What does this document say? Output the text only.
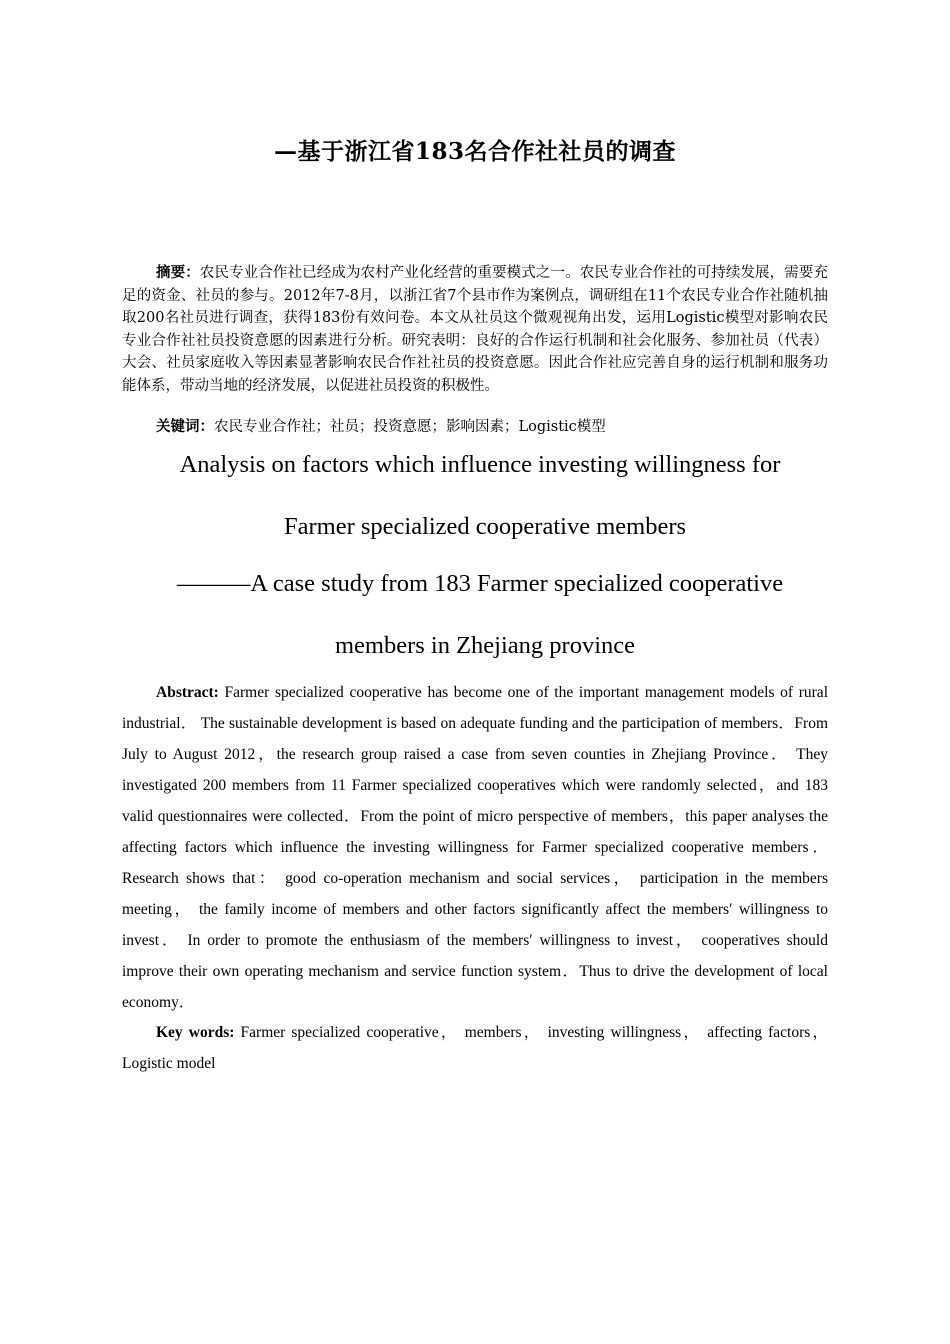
—基于浙江省183名合作社社员的调查

摘要：农民专业合作社已经成为农村产业化经营的重要模式之一。农民专业合作社的可持续发展，需要充足的资金、社员的参与。2012年7-8月，以浙江省7个县市作为案例点，调研组在11个农民专业合作社随机抽取200名社员进行调查，获得183份有效问卷。本文从社员这个微观视角出发，运用Logistic模型对影响农民专业合作社社员投资意愿的因素进行分析。研究表明：良好的合作运行机制和社会化服务、参加社员（代表）大会、社员家庭收入等因素显著影响农民合作社社员的投资意愿。因此合作社应完善自身的运行机制和服务功能体系，带动当地的经济发展，以促进社员投资的积极性。

关键词：农民专业合作社；社员；投资意愿；影响因素；Logistic模型

Analysis on factors which influence investing willingness for

Farmer specialized cooperative members

———A case study from 183 Farmer specialized cooperative

members in Zhejiang province

Abstract: Farmer specialized cooperative has become one of the important management models of rural industrial． The sustainable development is based on adequate funding and the participation of members．From July to August 2012，the research group raised a case from seven counties in Zhejiang Province． They investigated 200 members from 11 Farmer specialized cooperatives which were randomly selected，and 183 valid questionnaires were collected．From the point of micro perspective of members，this paper analyses the affecting factors which influence the investing willingness for Farmer specialized cooperative members． Research shows that： good co-operation mechanism and social services， participation in the members meeting， the family income of members and other factors significantly affect the members′ willingness to invest． In order to promote the enthusiasm of the members′ willingness to invest， cooperatives should improve their own operating mechanism and service function system．Thus to drive the development of local economy．

Key words: Farmer specialized cooperative， members， investing willingness， affecting factors，Logistic model
